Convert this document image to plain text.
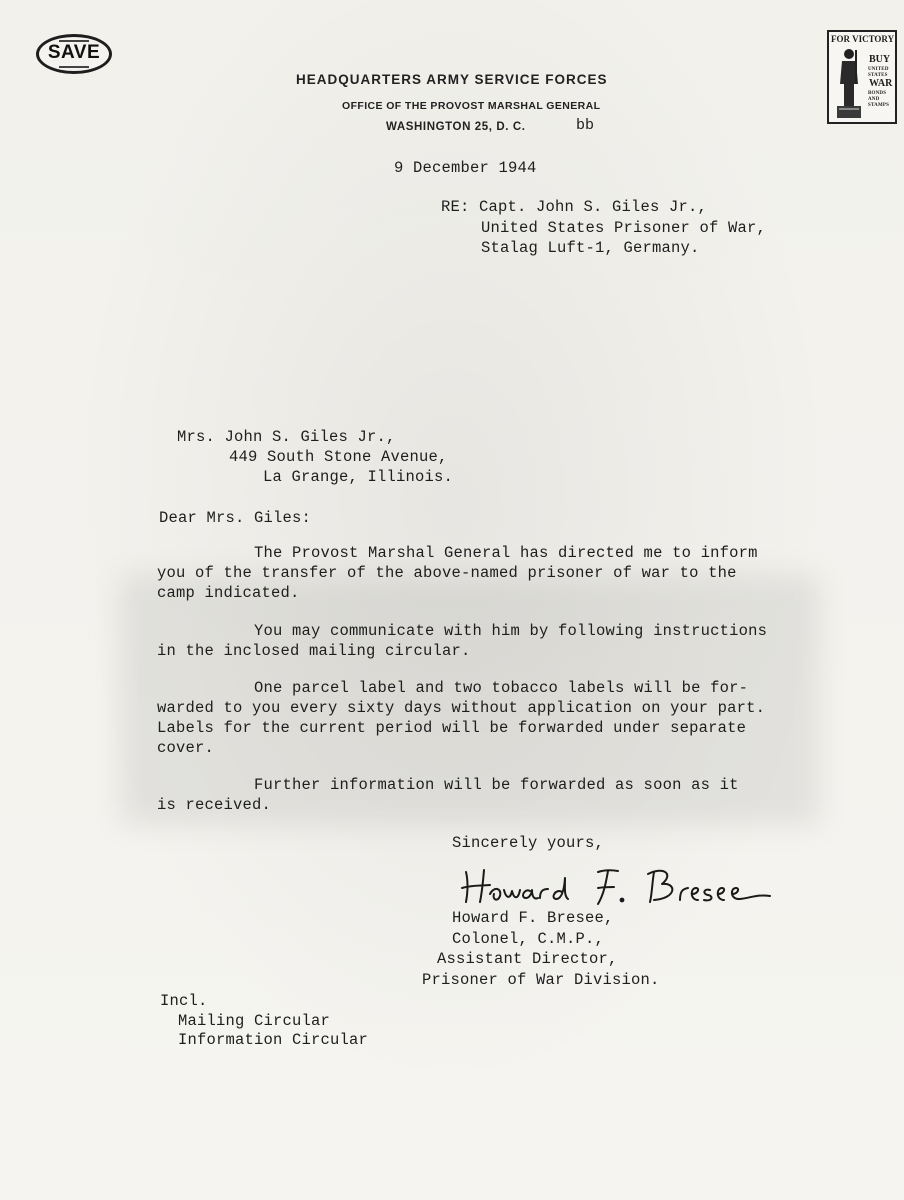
SAVE

HEADQUARTERS ARMY SERVICE FORCES
OFFICE OF THE PROVOST MARSHAL GENERAL
WASHINGTON 25, D. C.	bb

FOR VICTORY

BUY

UNITED

STATES

WAR

BONDS

AND

STAMPS

9 December 1944
RE: Capt. John S. Giles Jr.,
United States Prisoner of War,
Stalag Luft-1, Germany.
Mrs. John S. Giles Jr.,
449 South Stone Avenue,
La Grange, Illinois.
Dear Mrs. Giles:
The Provost Marshal General has directed me to inform
you of the transfer of the above-named prisoner of war to the
camp indicated.
You may communicate with him by following instructions
in the inclosed mailing circular.
One parcel label and two tobacco labels will be for-
warded to you every sixty days without application on your part.
Labels for the current period will be forwarded under separate
cover.
Further information will be forwarded as soon as it
is received.
Sincerely yours,
Howard F. Bresee,
Colonel, C.M.P.,
Assistant Director,
Prisoner of War Division.
Incl.
Mailing Circular
Information Circular
